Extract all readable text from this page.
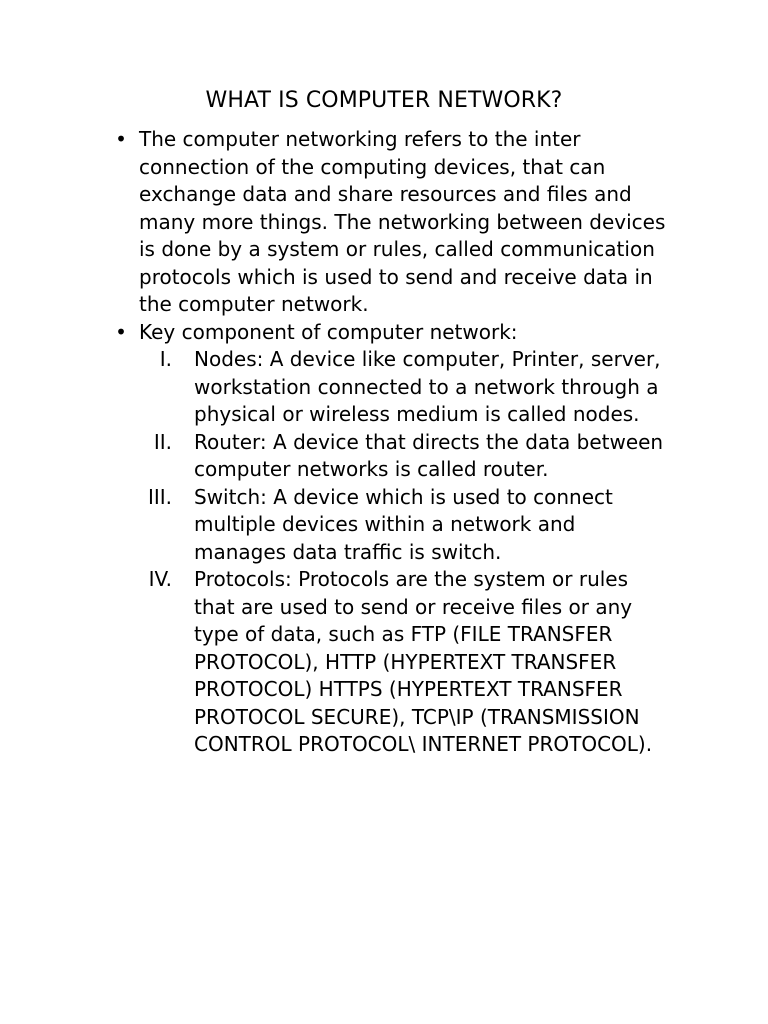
WHAT IS COMPUTER NETWORK?
• The computer networking refers to the inter connection of the computing devices, that can exchange data and share resources and files and many more things. The networking between devices is done by a system or rules, called communication protocols which is used to send and receive data in the computer network.
• Key component of computer network:
I. Nodes: A device like computer, Printer, server, workstation connected to a network through a physical or wireless medium is called nodes.
II. Router: A device that directs the data between computer networks is called router.
III. Switch: A device which is used to connect multiple devices within a network and manages data traffic is switch.
IV. Protocols: Protocols are the system or rules that are used to send or receive files or any type of data, such as FTP (FILE TRANSFER PROTOCOL), HTTP (HYPERTEXT TRANSFER PROTOCOL) HTTPS (HYPERTEXT TRANSFER PROTOCOL SECURE), TCP\IP (TRANSMISSION CONTROL PROTOCOL\ INTERNET PROTOCOL).
